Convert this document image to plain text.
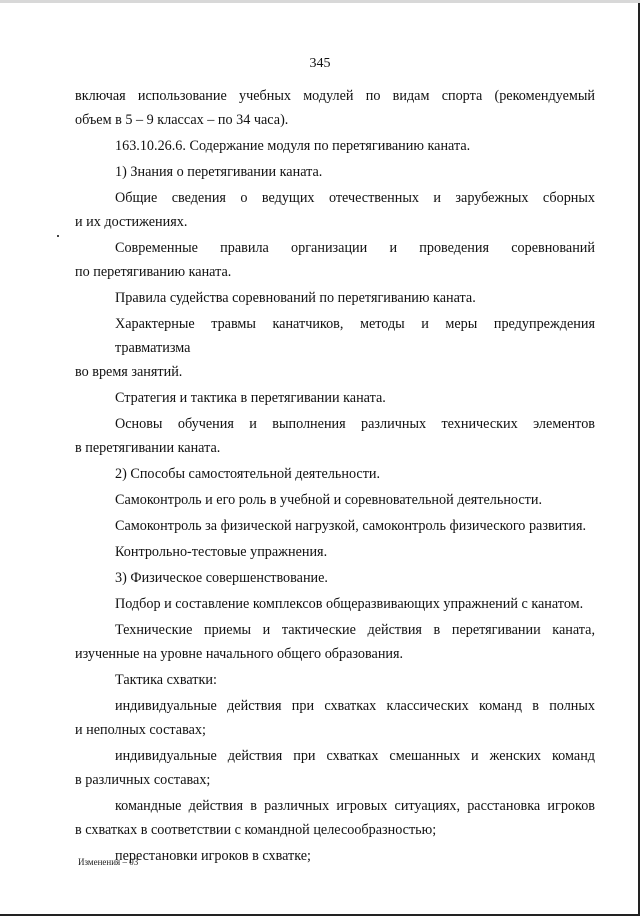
345
включая использование учебных модулей по видам спорта (рекомендуемый
объем в 5 – 9 классах – по 34 часа).
163.10.26.6. Содержание модуля по перетягиванию каната.
1) Знания о перетягивании каната.
Общие сведения о ведущих отечественных и зарубежных сборных
и их достижениях.
Современные правила организации и проведения соревнований
по перетягиванию каната.
Правила судейства соревнований по перетягиванию каната.
Характерные травмы канатчиков, методы и меры предупреждения травматизма
во время занятий.
Стратегия и тактика в перетягивании каната.
Основы обучения и выполнения различных технических элементов
в перетягивании каната.
2) Способы самостоятельной деятельности.
Самоконтроль и его роль в учебной и соревновательной деятельности.
Самоконтроль за физической нагрузкой, самоконтроль физического развития.
Контрольно-тестовые упражнения.
3) Физическое совершенствование.
Подбор и составление комплексов общеразвивающих упражнений с канатом.
Технические приемы и тактические действия в перетягивании каната,
изученные на уровне начального общего образования.
Тактика схватки:
индивидуальные действия при схватках классических команд в полных
и неполных составах;
индивидуальные действия при схватках смешанных и женских команд
в различных составах;
командные действия в различных игровых ситуациях, расстановка игроков
в схватках в соответствии с командной целесообразностью;
перестановки игроков в схватке;
Изменения – 03
